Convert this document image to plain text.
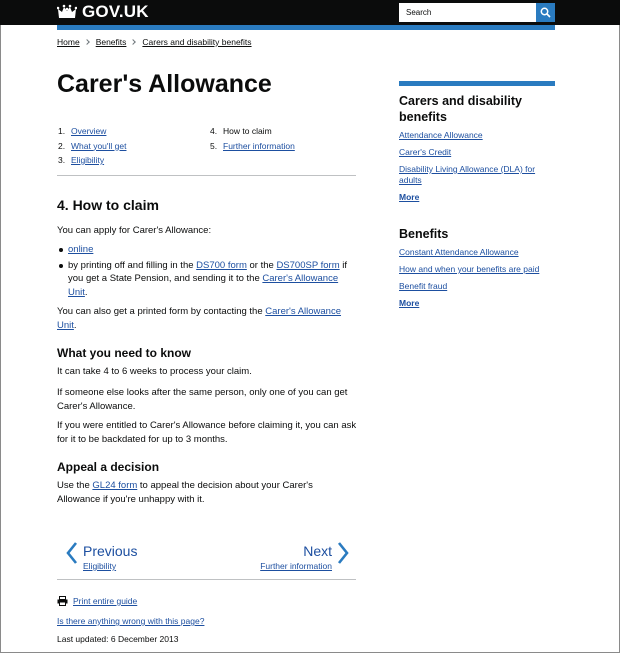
GOV.UK
Search
Home Benefits Carers and disability benefits
Carer's Allowance
1. Overview
2. What you'll get
3. Eligibility
4. How to claim
5. Further information
4. How to claim

You can apply for Carer's Allowance:

online
by printing off and filling in the DS700 form or the DS700SP form if you get a State Pension, and sending it to the Carer's Allowance Unit.

You can also get a printed form by contacting the Carer's Allowance Unit.

What you need to know

It can take 4 to 6 weeks to process your claim.

If someone else looks after the same person, only one of you can get Carer's Allowance.

If you were entitled to Carer's Allowance before claiming it, you can ask for it to be backdated for up to 3 months.

Appeal a decision

Use the GL24 form to appeal the decision about your Carer's Allowance if you're unhappy with it.

Previous
Eligibility
Next
Further information
Print entire guide
Is there anything wrong with this page?
Last updated: 6 December 2013
Carers and disability benefits
Attendance Allowance
Carer's Credit
Disability Living Allowance (DLA) for adults
More
Benefits
Constant Attendance Allowance
How and when your benefits are paid
Benefit fraud
More
